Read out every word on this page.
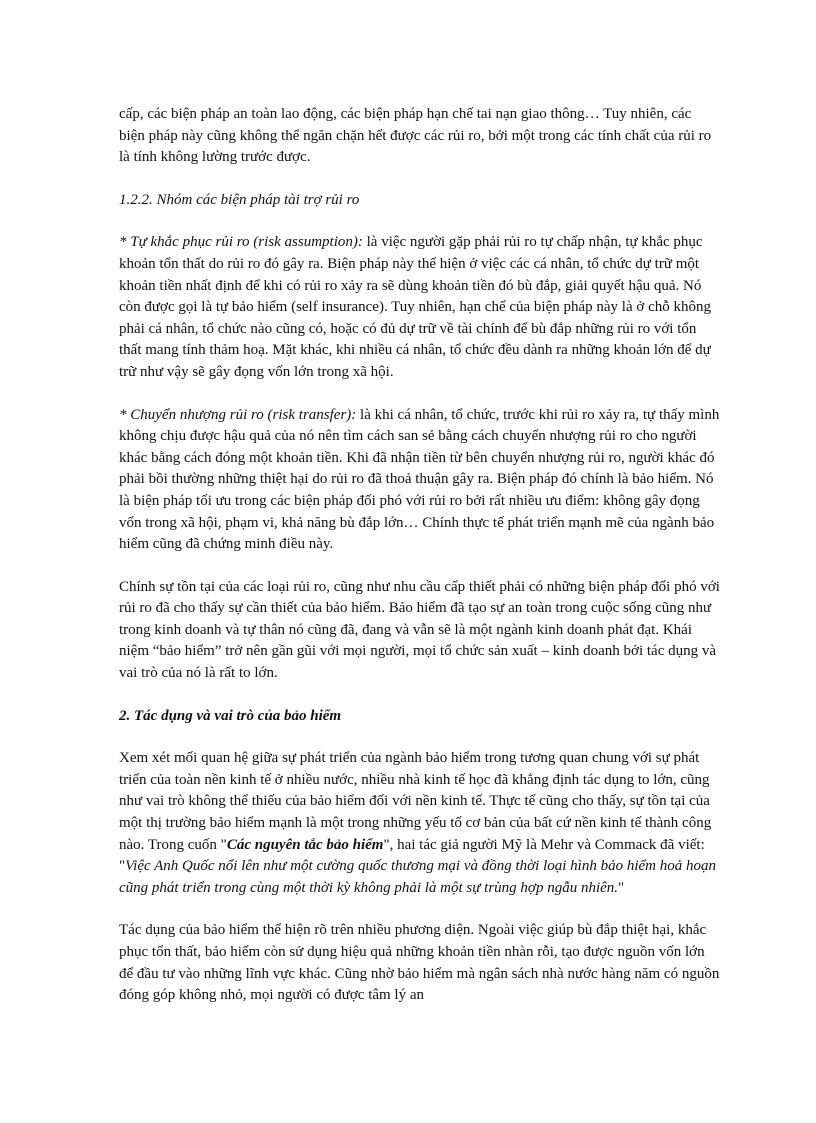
cấp, các biện pháp an toàn lao động, các biện pháp hạn chế tai nạn giao thông… Tuy nhiên, các biện pháp này cũng không thể ngăn chặn hết được các rủi ro, bởi một trong các tính chất của rủi ro là tính không lường trước được.

1.2.2. Nhóm các biện pháp tài trợ rủi ro

* Tự khắc phục rủi ro (risk assumption): là việc người gặp phải rủi ro tự chấp nhận, tự khắc phục khoản tổn thất do rủi ro đó gây ra. Biện pháp này thể hiện ở việc các cá nhân, tổ chức dự trữ một khoản tiền nhất định để khi có rủi ro xảy ra sẽ dùng khoản tiền đó bù đắp, giải quyết hậu quả. Nó còn được gọi là tự bảo hiểm (self insurance). Tuy nhiên, hạn chế của biện pháp này là ở chỗ không phải cá nhân, tổ chức nào cũng có, hoặc có đủ dự trữ về tài chính để bù đắp những rủi ro với tổn thất mang tính thảm hoạ. Mặt khác, khi nhiều cá nhân, tổ chức đều dành ra những khoản lớn để dự trữ như vậy sẽ gây đọng vốn lớn trong xã hội.

* Chuyển nhượng rủi ro (risk transfer): là khi cá nhân, tổ chức, trước khi rủi ro xảy ra, tự thấy mình không chịu được hậu quả của nó nên tìm cách san sẻ bằng cách chuyển nhượng rủi ro cho người khác bằng cách đóng một khoản tiền. Khi đã nhận tiền từ bên chuyển nhượng rủi ro, người khác đó phải bồi thường những thiệt hại do rủi ro đã thoả thuận gây ra. Biện pháp đó chính là bảo hiểm. Nó là biện pháp tối ưu trong các biện pháp đối phó với rủi ro bởi rất nhiều ưu điểm: không gây đọng vốn trong xã hội, phạm vi, khả năng bù đắp lớn… Chính thực tế phát triển mạnh mẽ của ngành bảo hiểm cũng đã chứng minh điều này.

Chính sự tồn tại của các loại rủi ro, cũng như nhu cầu cấp thiết phải có những biện pháp đối phó với rủi ro đã cho thấy sự cần thiết của bảo hiểm. Bảo hiểm đã tạo sự an toàn trong cuộc sống cũng như trong kinh doanh và tự thân nó cũng đã, đang và vẫn sẽ là một ngành kinh doanh phát đạt. Khái niệm “bảo hiểm” trở nên gần gũi với mọi người, mọi tổ chức sản xuất – kinh doanh bởi tác dụng và vai trò của nó là rất to lớn.

2. Tác dụng và vai trò của bảo hiểm

Xem xét mối quan hệ giữa sự phát triển của ngành bảo hiểm trong tương quan chung với sự phát triển của toàn nền kinh tế ở nhiều nước, nhiều nhà kinh tế học đã khẳng định tác dụng to lớn, cũng như vai trò không thể thiếu của bảo hiểm đối với nền kinh tế. Thực tế cũng cho thấy, sự tồn tại của một thị trường bảo hiểm mạnh là một trong những yếu tố cơ bản của bất cứ nền kinh tế thành công nào. Trong cuốn "Các nguyên tắc bảo hiểm", hai tác giả người Mỹ là Mehr và Commack đã viết: "Việc Anh Quốc nổi lên như một cường quốc thương mại và đồng thời loại hình bảo hiểm hoả hoạn cũng phát triển trong cùng một thời kỳ không phải là một sự trùng hợp ngẫu nhiên."

Tác dụng của bảo hiểm thể hiện rõ trên nhiều phương diện. Ngoài việc giúp bù đắp thiệt hại, khắc phục tổn thất, bảo hiểm còn sử dụng hiệu quả những khoản tiền nhàn rỗi, tạo được nguồn vốn lớn để đầu tư vào những lĩnh vực khác. Cũng nhờ bảo hiểm mà ngân sách nhà nước hàng năm có nguồn đóng góp không nhỏ, mọi người có được tâm lý an
